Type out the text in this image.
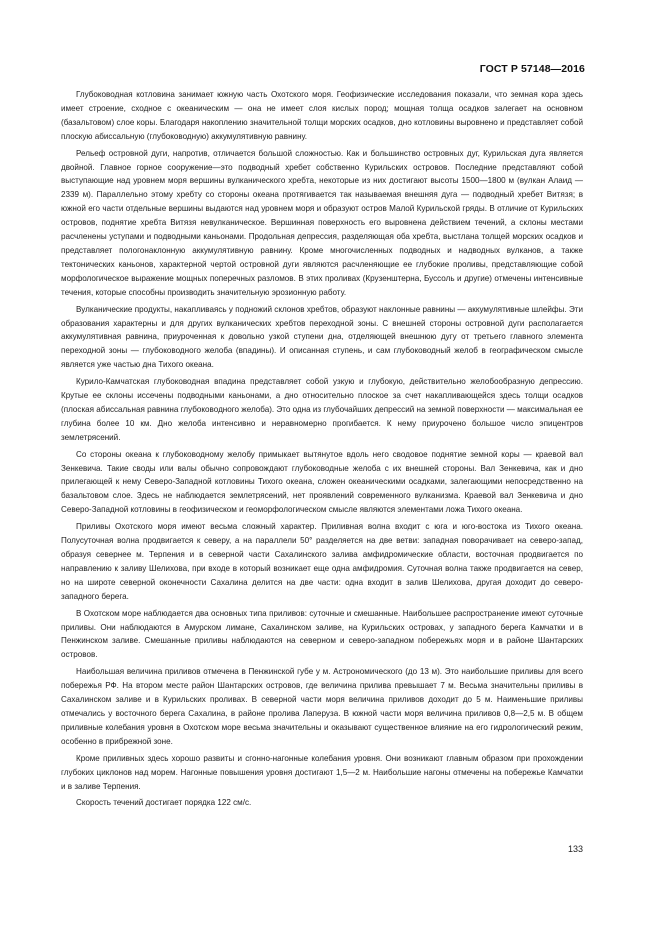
ГОСТ Р 57148—2016

Глубоководная котловина занимает южную часть Охотского моря. Геофизические исследования показали, что земная кора здесь имеет строение, сходное с океаническим — она не имеет слоя кислых пород; мощная толща осадков залегает на основном (базальтовом) слое коры. Благодаря накоплению значительной толщи морских осадков, дно котловины выровнено и представляет собой плоскую абиссальную (глубоководную) аккумулятивную равнину.

Рельеф островной дуги, напротив, отличается большой сложностью. Как и большинство островных дуг, Курильская дуга является двойной. Главное горное сооружение—это подводный хребет собственно Курильских островов. Последние представляют собой выступающие над уровнем моря вершины вулканического хребта, некоторые из них достигают высоты 1500—1800 м (вулкан Алаид — 2339 м). Параллельно этому хребту со стороны океана протягивается так называемая внешняя дуга — подводный хребет Витязя; в южной его части отдельные вершины выдаются над уровнем моря и образуют остров Малой Курильской гряды. В отличие от Курильских островов, поднятие хребта Витязя невулканическое. Вершинная поверхность его выровнена действием течений, а склоны местами расчленены уступами и подводными каньонами. Продольная депрессия, разделяющая оба хребта, выстлана толщей морских осадков и представляет пологонаклонную аккумулятивную равнину. Кроме многочисленных подводных и надводных вулканов, а также тектонических каньонов, характерной чертой островной дуги являются расчленяющие ее глубокие проливы, представляющие собой морфологическое выражение мощных поперечных разломов. В этих проливах (Крузенштерна, Буссоль и другие) отмечены интенсивные течения, которые способны производить значительную эрозионную работу.

Вулканические продукты, накапливаясь у подножий склонов хребтов, образуют наклонные равнины — аккумулятивные шлейфы. Эти образования характерны и для других вулканических хребтов переходной зоны. С внешней стороны островной дуги располагается аккумулятивная равнина, приуроченная к довольно узкой ступени дна, отделяющей внешнюю дугу от третьего главного элемента переходной зоны — глубоководного желоба (впадины). И описанная ступень, и сам глубоководный желоб в географическом смысле является уже частью дна Тихого океана.

Курило-Камчатская глубоководная впадина представляет собой узкую и глубокую, действительно желобообразную депрессию. Крутые ее склоны иссечены подводными каньонами, а дно относительно плоское за счет накапливающейся здесь толщи осадков (плоская абиссальная равнина глубоководного желоба). Это одна из глубочайших депрессий на земной поверхности — максимальная ее глубина более 10 км. Дно желоба интенсивно и неравномерно прогибается. К нему приурочено большое число эпицентров землетрясений.

Со стороны океана к глубоководному желобу примыкает вытянутое вдоль него сводовое поднятие земной коры — краевой вал Зенкевича. Такие своды или валы обычно сопровождают глубоководные желоба с их внешней стороны. Вал Зенкевича, как и дно прилегающей к нему Северо-Западной котловины Тихого океана, сложен океаническими осадками, залегающими непосредственно на базальтовом слое. Здесь не наблюдается землетрясений, нет проявлений современного вулканизма. Краевой вал Зенкевича и дно Северо-Западной котловины в геофизическом и геоморфологическом смысле являются элементами ложа Тихого океана.

Приливы Охотского моря имеют весьма сложный характер. Приливная волна входит с юга и юго-востока из Тихого океана. Полусуточная волна продвигается к северу, а на параллели 50° разделяется на две ветви: западная поворачивает на северо-запад, образуя севернее м. Терпения и в северной части Сахалинского залива амфидромические области, восточная продвигается по направлению к заливу Шелихова, при входе в который возникает еще одна амфидромия. Суточная волна также продвигается на север, но на широте северной оконечности Сахалина делится на две части: одна входит в залив Шелихова, другая доходит до северо-западного берега.

В Охотском море наблюдается два основных типа приливов: суточные и смешанные. Наибольшее распространение имеют суточные приливы. Они наблюдаются в Амурском лимане, Сахалинском заливе, на Курильских островах, у западного берега Камчатки и в Пенжинском заливе. Смешанные приливы наблюдаются на северном и северо-западном побережьях моря и в районе Шантарских островов.

Наибольшая величина приливов отмечена в Пенжинской губе у м. Астрономического (до 13 м). Это наибольшие приливы для всего побережья РФ. На втором месте район Шантарских островов, где величина прилива превышает 7 м. Весьма значительны приливы в Сахалинском заливе и в Курильских проливах. В северной части моря величина приливов доходит до 5 м. Наименьшие приливы отмечались у восточного берега Сахалина, в районе пролива Лаперуза. В южной части моря величина приливов 0,8—2,5 м. В общем приливные колебания уровня в Охотском море весьма значительны и оказывают существенное влияние на его гидрологический режим, особенно в прибрежной зоне.

Кроме приливных здесь хорошо развиты и сгонно-нагонные колебания уровня. Они возникают главным образом при прохождении глубоких циклонов над морем. Нагонные повышения уровня достигают 1,5—2 м. Наибольшие нагоны отмечены на побережье Камчатки и в заливе Терпения.

Скорость течений достигает порядка 122 см/с.

133
